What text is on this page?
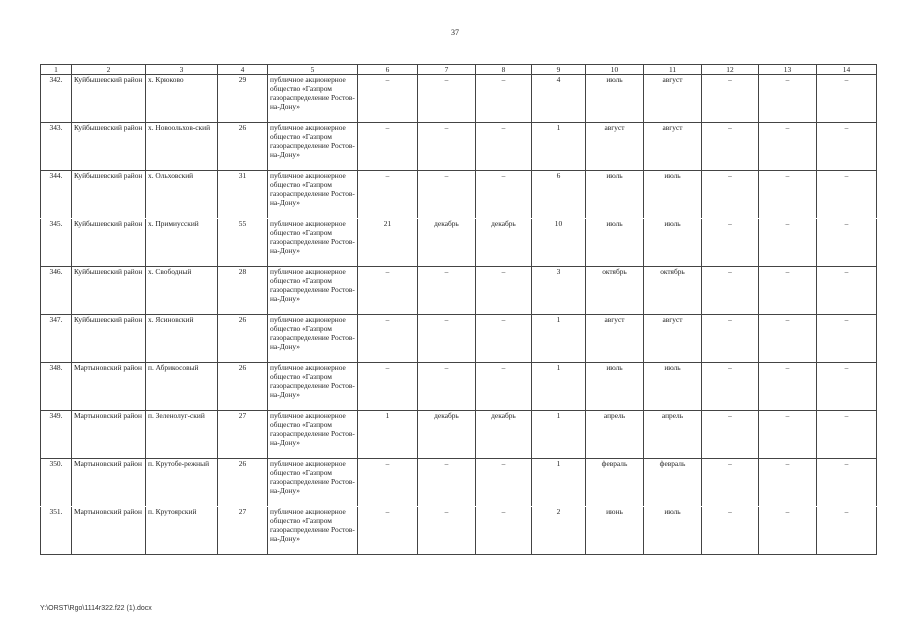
37
1	2	3	4	5	6	7	8	9	10	11	12	13	14
342.	Куйбышевский район	х. Крюково	29	публичное акционерное общество «Газпром газораспределение Ростов-на-Дону»	–	–	–	4	июль	август	–	–	–
343.	Куйбышевский район	х. Новоольхов-ский	26	публичное акционерное общество «Газпром газораспределение Ростов-на-Дону»	–	–	–	1	август	август	–	–	–
344.	Куйбышевский район	х. Ольховский	31	публичное акционерное общество «Газпром газораспределение Ростов-на-Дону»	–	–	–	6	июль	июль	–	–	–
345.	Куйбышевский район	х. Примиусский	55	публичное акционерное общество «Газпром газораспределение Ростов-на-Дону»	21	декабрь	декабрь	10	июль	июль	–	–	–
346.	Куйбышевский район	х. Свободный	28	публичное акционерное общество «Газпром газораспределение Ростов-на-Дону»	–	–	–	3	октябрь	октябрь	–	–	–
347.	Куйбышевский район	х. Ясиновский	26	публичное акционерное общество «Газпром газораспределение Ростов-на-Дону»	–	–	–	1	август	август	–	–	–
348.	Мартыновский район	п. Абрикосовый	26	публичное акционерное общество «Газпром газораспределение Ростов-на-Дону»	–	–	–	1	июль	июль	–	–	–
349.	Мартыновский район	п. Зеленолуг-ский	27	публичное акционерное общество «Газпром газораспределение Ростов-на-Дону»	1	декабрь	декабрь	1	апрель	апрель	–	–	–
350.	Мартыновский район	п. Крутобе-режный	26	публичное акционерное общество «Газпром газораспределение Ростов-на-Дону»	–	–	–	1	февраль	февраль	–	–	–
351.	Мартыновский район	п. Крутоярский	27	публичное акционерное общество «Газпром газораспределение Ростов-на-Дону»	–	–	–	2	июнь	июль	–	–	–
Y:\ORST\Rgo\1114r322.f22 (1).docx
